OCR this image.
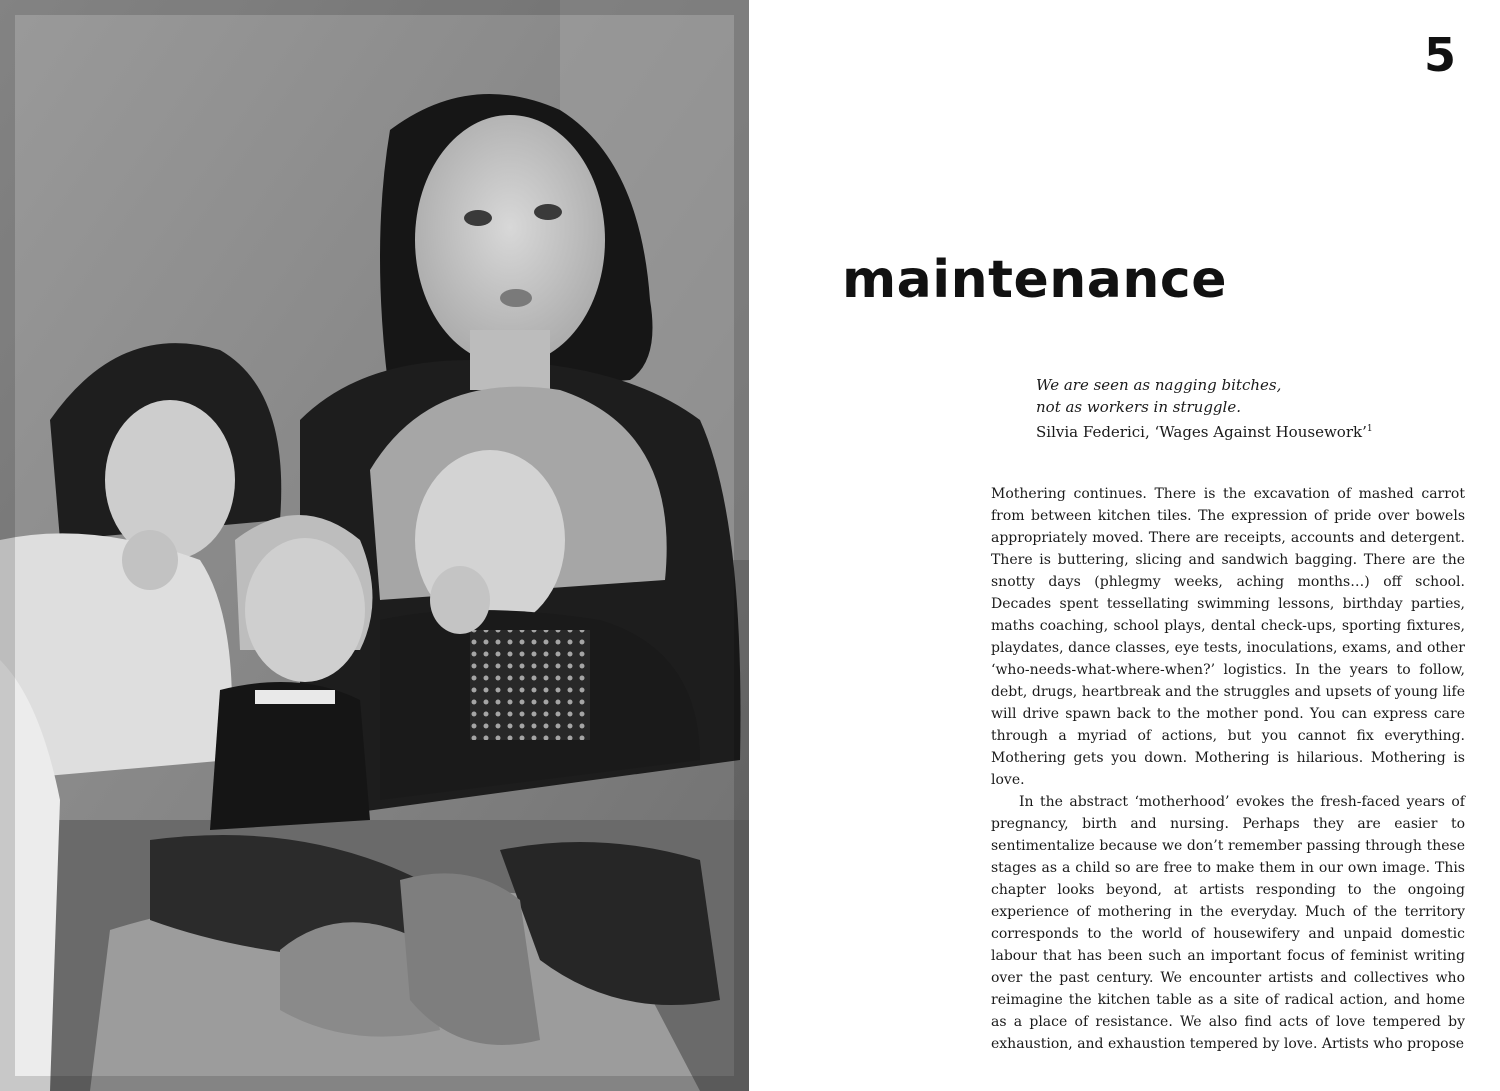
5
maintenance
We are seen as nagging bitches,
not as workers in struggle.
Silvia Federici, ‘Wages Against Housework’$^1$

Mothering continues. There is the excavation of mashed carrot from between kitchen tiles. The expression of pride over bowels appropriately moved. There are receipts, accounts and detergent. There is buttering, slicing and sandwich bagging. There are the snotty days (phlegmy weeks, aching months…) off school. Decades spent tessellating swimming lessons, birthday parties, maths coaching, school plays, dental check-ups, sporting fixtures, playdates, dance classes, eye tests, inoculations, exams, and other ‘who-needs-what-where-when?’ logistics. In the years to follow, debt, drugs, heartbreak and the struggles and upsets of young life will drive spawn back to the mother pond. You can express care through a myriad of actions, but you cannot fix everything. Mothering gets you down. Mothering is hilarious. Mothering is love.

In the abstract ‘motherhood’ evokes the fresh-faced years of pregnancy, birth and nursing. Perhaps they are easier to sentimentalize because we don’t remember passing through these stages as a child so are free to make them in our own image. This chapter looks beyond, at artists responding to the ongoing experience of mothering in the everyday. Much of the territory corresponds to the world of housewifery and unpaid domestic labour that has been such an important focus of feminist writing over the past century. We encounter artists and collectives who reimagine the kitchen table as a site of radical action, and home as a place of resistance. We also find acts of love tempered by exhaustion, and exhaustion tempered by love. Artists who propose
